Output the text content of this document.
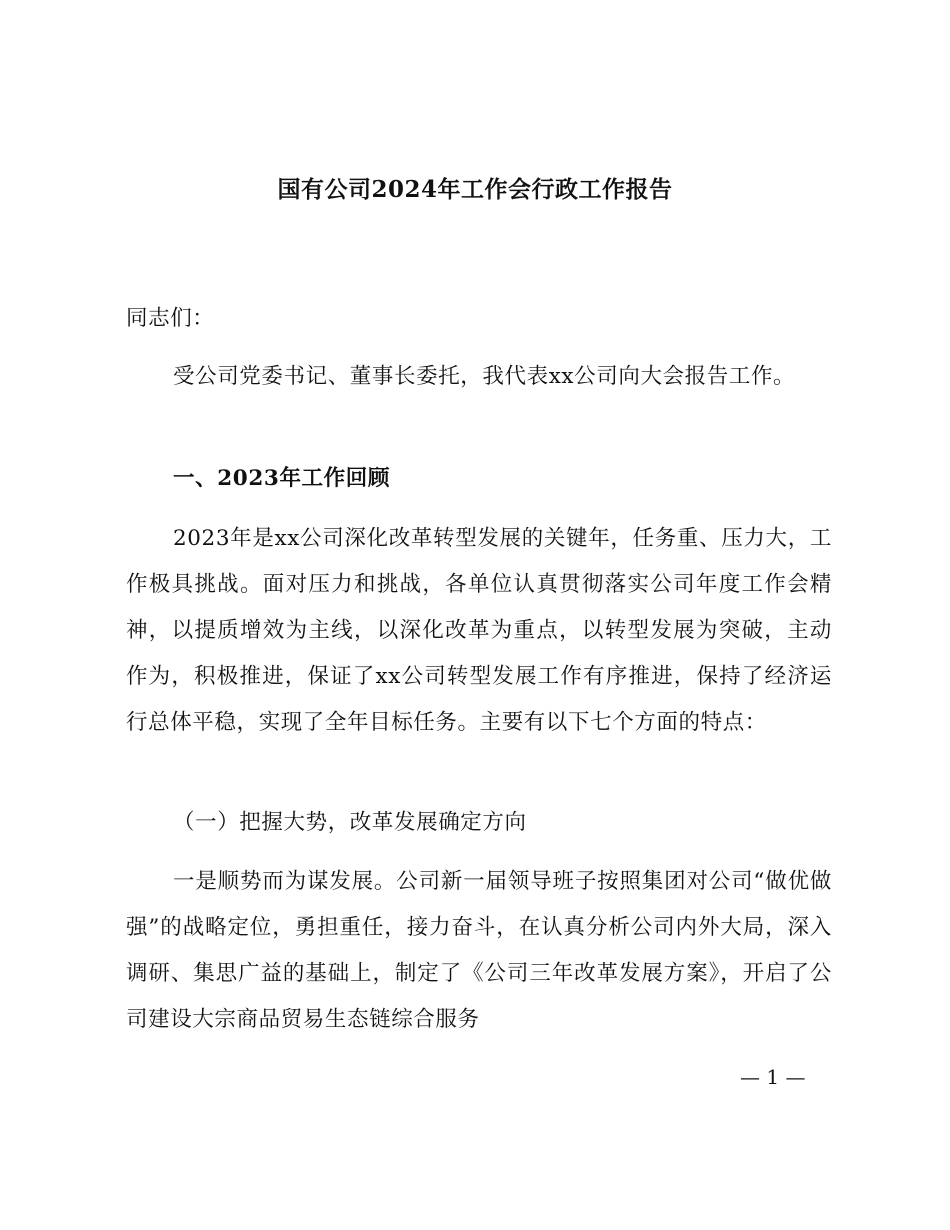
国有公司2024年工作会行政工作报告
同志们：
受公司党委书记、董事长委托，我代表xx公司向大会报告工作。
一、2023年工作回顾
2023年是xx公司深化改革转型发展的关键年，任务重、压力大，工作极具挑战。面对压力和挑战，各单位认真贯彻落实公司年度工作会精神，以提质增效为主线，以深化改革为重点，以转型发展为突破，主动作为，积极推进，保证了xx公司转型发展工作有序推进，保持了经济运行总体平稳，实现了全年目标任务。主要有以下七个方面的特点：
（一）把握大势，改革发展确定方向
一是顺势而为谋发展。公司新一届领导班子按照集团对公司“做优做强”的战略定位，勇担重任，接力奋斗，在认真分析公司内外大局，深入调研、集思广益的基础上，制定了《公司三年改革发展方案》，开启了公司建设大宗商品贸易生态链综合服务
— 1 —
